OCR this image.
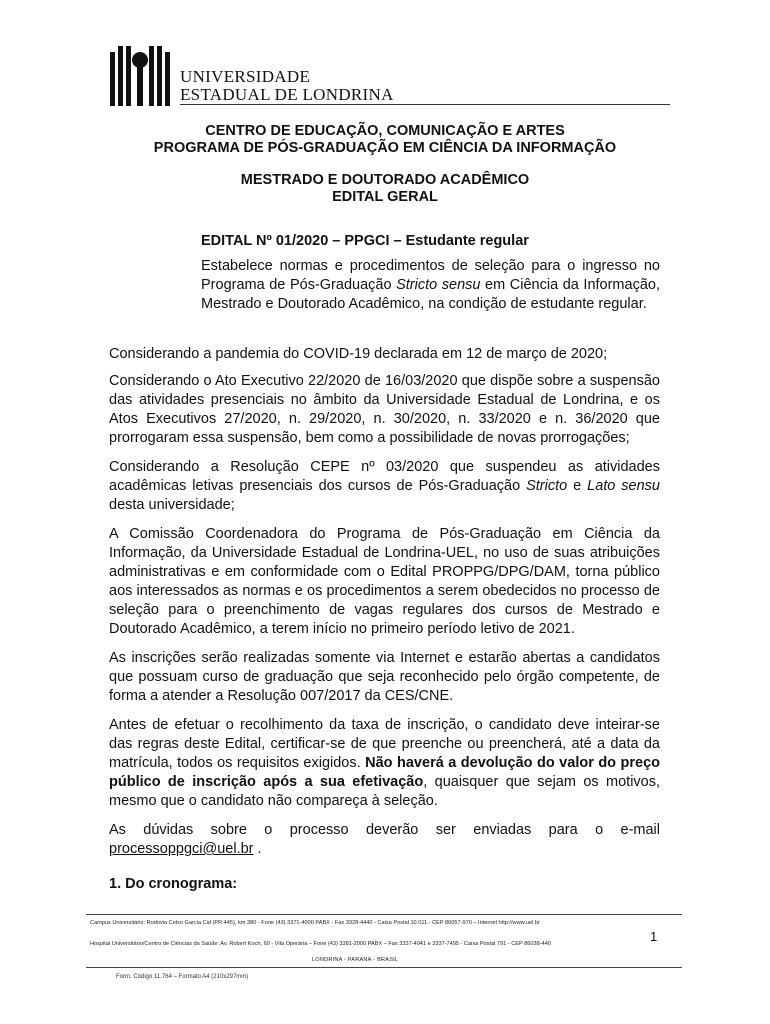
UNIVERSIDADE
ESTADUAL DE LONDRINA
CENTRO DE EDUCAÇÃO, COMUNICAÇÃO E ARTES
PROGRAMA DE PÓS-GRADUAÇÃO EM CIÊNCIA DA INFORMAÇÃO
MESTRADO E DOUTORADO ACADÊMICO
EDITAL GERAL

EDITAL Nº 01/2020 – PPGCI – Estudante regular

Estabelece normas e procedimentos de seleção para o ingresso no Programa de Pós-Graduação Stricto sensu em Ciência da Informação, Mestrado e Doutorado Acadêmico, na condição de estudante regular.

Considerando a pandemia do COVID-19 declarada em 12 de março de 2020;

Considerando o Ato Executivo 22/2020 de 16/03/2020 que dispõe sobre a suspensão das atividades presenciais no âmbito da Universidade Estadual de Londrina, e os Atos Executivos 27/2020, n. 29/2020, n. 30/2020, n. 33/2020 e n. 36/2020 que prorrogaram essa suspensão, bem como a possibilidade de novas prorrogações;

Considerando a Resolução CEPE nº 03/2020 que suspendeu as atividades acadêmicas letivas presenciais dos cursos de Pós-Graduação Stricto e Lato sensu desta universidade;

A Comissão Coordenadora do Programa de Pós-Graduação em Ciência da Informação, da Universidade Estadual de Londrina-UEL, no uso de suas atribuições administrativas e em conformidade com o Edital PROPPG/DPG/DAM, torna público aos interessados as normas e os procedimentos a serem obedecidos no processo de seleção para o preenchimento de vagas regulares dos cursos de Mestrado e Doutorado Acadêmico, a terem início no primeiro período letivo de 2021.

As inscrições serão realizadas somente via Internet e estarão abertas a candidatos que possuam curso de graduação que seja reconhecido pelo órgão competente, de forma a atender a Resolução 007/2017 da CES/CNE.

Antes de efetuar o recolhimento da taxa de inscrição, o candidato deve inteirar-se das regras deste Edital, certificar-se de que preenche ou preencherá, até a data da matrícula, todos os requisitos exigidos. Não haverá a devolução do valor do preço público de inscrição após a sua efetivação, quaisquer que sejam os motivos, mesmo que o candidato não compareça à seleção.

As dúvidas sobre o processo deverão ser enviadas para o e-mail processoppgci@uel.br .

1. Do cronograma:

Campus Universitário: Rodovia Celso Garcia Cid (PR 445), km 380 - Fone (43) 3371-4000 PABX - Fax 3328-4440 - Caixa Postal 10.011 - CEP 86057-970 – Internet http://www.uel.br
1
Hospital Universitário/Centro de Ciências da Saúde: Av. Robert Koch, 60 - Vila Operária – Fone (43) 3381-2000 PABX – Fax 3337-4041 e 3337-7495 - Caixa Postal 791 - CEP 86038-440
LONDRINA - PARANÁ - BRASIL
Form. Código 11.764 – Formato A4 (210x297mm)
